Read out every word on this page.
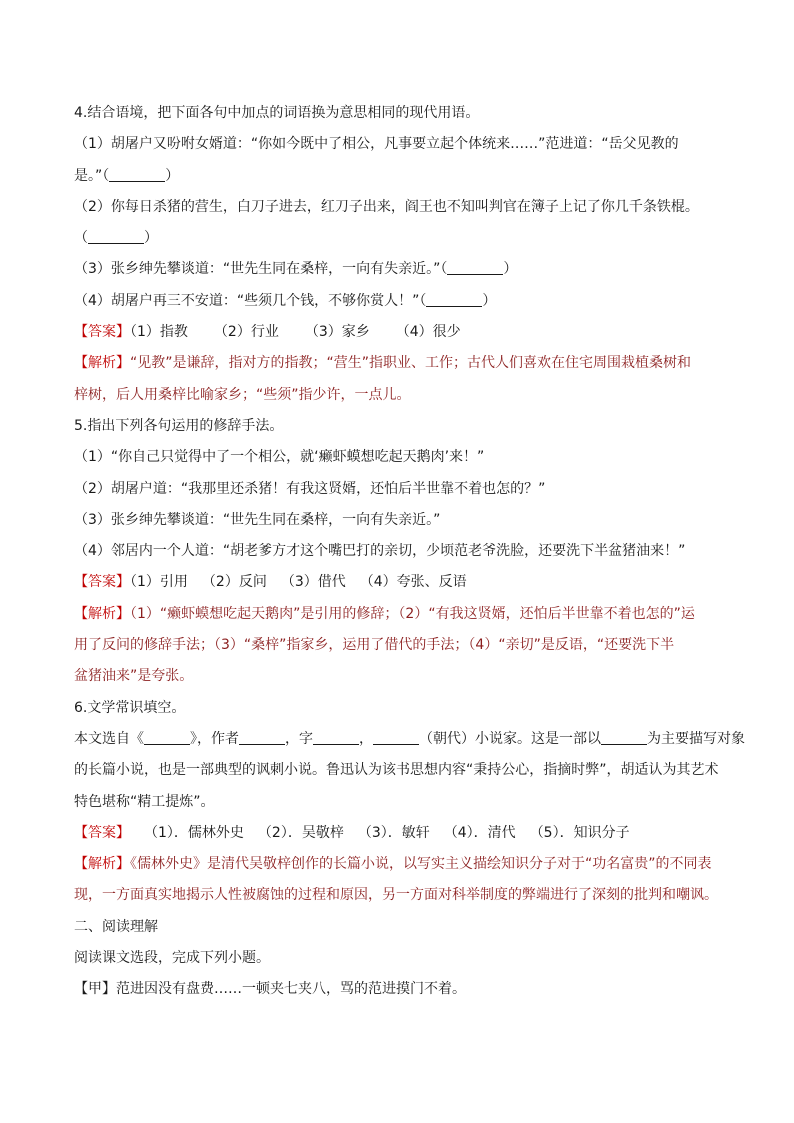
4.结合语境，把下面各句中加点的词语换为意思相同的现代用语。
（1）胡屠户又吩咐女婿道：“你如今既中了相公，凡事要立起个体统来……”范进道：“岳父见教的
是。”（	）
（2）你每日杀猪的营生，白刀子进去，红刀子出来，阎王也不知叫判官在簿子上记了你几千条铁棍。
（	）
（3）张乡绅先攀谈道：“世先生同在桑梓，一向有失亲近。”（	）
（4）胡屠户再三不安道：“些须几个钱，不够你赏人！”（	）
【答案】（1）指教 （2）行业 （3）家乡 （4）很少
【解析】“见教”是谦辞，指对方的指教；“营生”指职业、工作；古代人们喜欢在住宅周围栽植桑树和
梓树，后人用桑梓比喻家乡；“些须”指少许，一点儿。
5.指出下列各句运用的修辞手法。
（1）“你自己只觉得中了一个相公，就‘癞虾蟆想吃起天鹅肉’来！”
（2）胡屠户道：“我那里还杀猪！有我这贤婿，还怕后半世靠不着也怎的？”
（3）张乡绅先攀谈道：“世先生同在桑梓，一向有失亲近。”
（4）邻居内一个人道：“胡老爹方才这个嘴巴打的亲切，少顷范老爷洗脸，还要洗下半盆猪油来！”
【答案】（1）引用 （2）反问 （3）借代 （4）夸张、反语
【解析】（1）“癞虾蟆想吃起天鹅肉”是引用的修辞；（2）“有我这贤婿，还怕后半世靠不着也怎的”运
用了反问的修辞手法；（3）“桑梓”指家乡，运用了借代的手法；（4）“亲切”是反语，“还要洗下半
盆猪油来”是夸张。
6.文学常识填空。
本文选自《	》，作者	，字	，	（朝代）小说家。这是一部以	为主要描写对象
的长篇小说，也是一部典型的讽刺小说。鲁迅认为该书思想内容“秉持公心，指摘时弊”，胡适认为其艺术
特色堪称“精工提炼”。
【答案】 （1）．儒林外史 （2）．吴敬梓 （3）．敏轩 （4）．清代 （5）．知识分子
【解析】《儒林外史》是清代吴敬梓创作的长篇小说，以写实主义描绘知识分子对于“功名富贵”的不同表
现，一方面真实地揭示人性被腐蚀的过程和原因，另一方面对科举制度的弊端进行了深刻的批判和嘲讽。
二、阅读理解
阅读课文选段，完成下列小题。
【甲】范进因没有盘费……一顿夹七夹八，骂的范进摸门不着。
